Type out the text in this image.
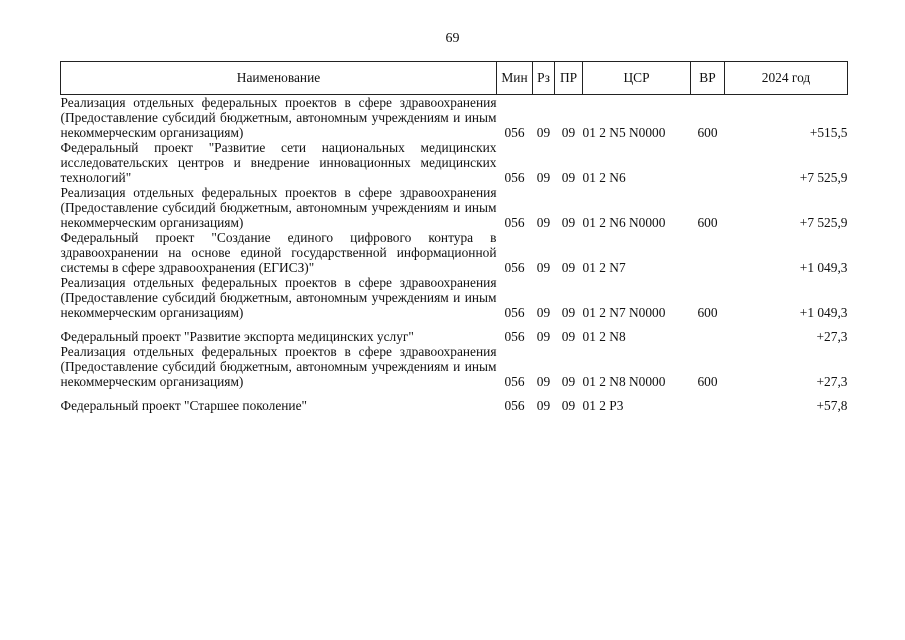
69
Наименование	Мин	Рз	ПР	ЦСР	ВР	2024 год
Реализация отдельных федеральных проектов в сфере здравоохранения (Предоставление субсидий бюджетным, автономным учреждениям и иным некоммерческим организациям)	056	09	09	01 2 N5 N0000	600	+515,5
Федеральный проект "Развитие сети национальных медицинских исследовательских центров и внедрение инновационных медицинских технологий"	056	09	09	01 2 N6		+7 525,9
Реализация отдельных федеральных проектов в сфере здравоохранения (Предоставление субсидий бюджетным, автономным учреждениям и иным некоммерческим организациям)	056	09	09	01 2 N6 N0000	600	+7 525,9
Федеральный проект "Создание единого цифрового контура в здравоохранении на основе единой государственной информационной системы в сфере здравоохранения (ЕГИСЗ)"	056	09	09	01 2 N7		+1 049,3
Реализация отдельных федеральных проектов в сфере здравоохранения (Предоставление субсидий бюджетным, автономным учреждениям и иным некоммерческим организациям)	056	09	09	01 2 N7 N0000	600	+1 049,3
Федеральный проект "Развитие экспорта медицинских услуг"	056	09	09	01 2 N8		+27,3
Реализация отдельных федеральных проектов в сфере здравоохранения (Предоставление субсидий бюджетным, автономным учреждениям и иным некоммерческим организациям)	056	09	09	01 2 N8 N0000	600	+27,3
Федеральный проект "Старшее поколение"	056	09	09	01 2 P3		+57,8
